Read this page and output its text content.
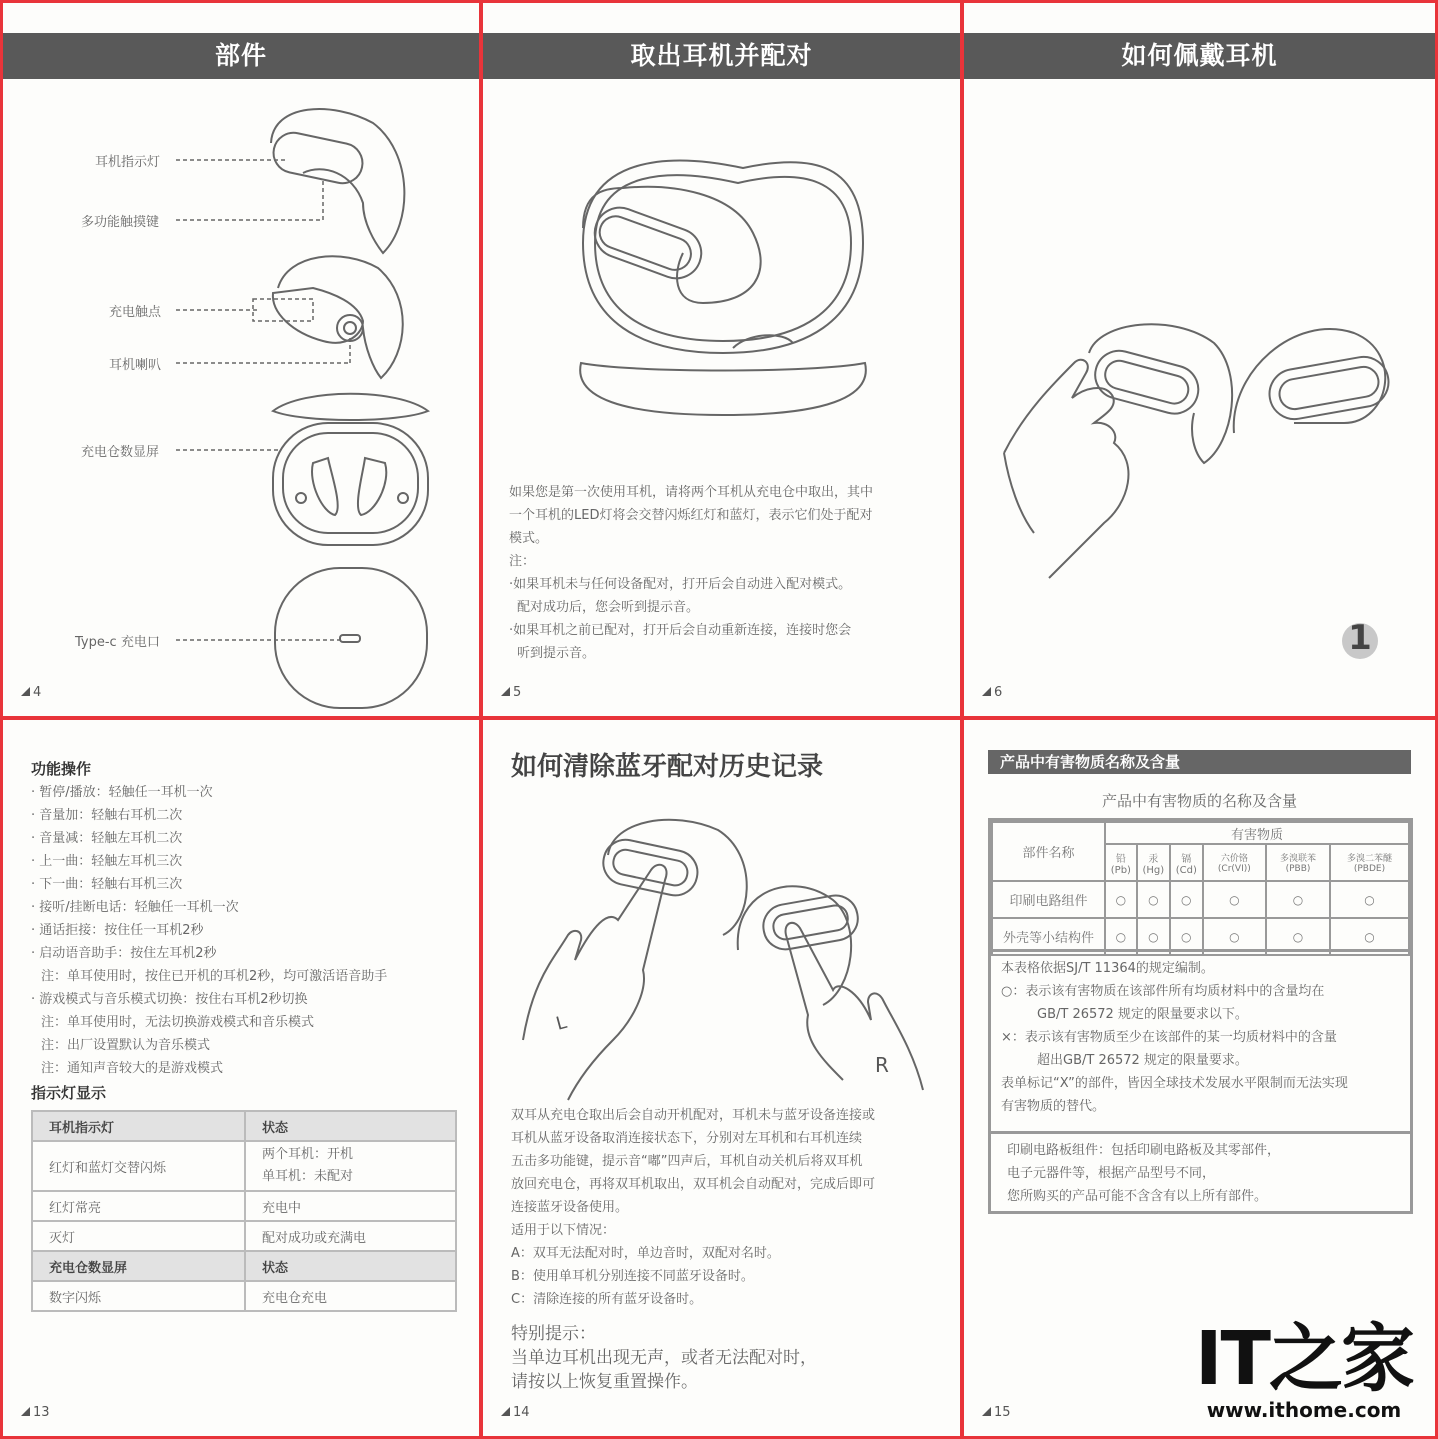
部件
耳机指示灯
多功能触摸键
充电触点
耳机喇叭
充电仓数显屏
Type-c 充电口
4
取出耳机并配对

如果您是第一次使用耳机，请将两个耳机从充电仓中取出，其中

一个耳机的LED灯将会交替闪烁红灯和蓝灯，表示它们处于配对

模式。

注：

·如果耳机未与任何设备配对，打开后会自动进入配对模式。

配对成功后，您会听到提示音。

·如果耳机之前已配对，打开后会自动重新连接，连接时您会

听到提示音。

5
如何佩戴耳机
1
6

功能操作

· 暂停/播放：轻触任一耳机一次

· 音量加：轻触右耳机二次

· 音量减：轻触左耳机二次

· 上一曲：轻触左耳机三次

· 下一曲：轻触右耳机三次

· 接听/挂断电话：轻触任一耳机一次

· 通话拒接：按住任一耳机2秒

· 启动语音助手：按住左耳机2秒

注：单耳使用时，按住已开机的耳机2秒，均可激活语音助手

· 游戏模式与音乐模式切换：按住右耳机2秒切换

注：单耳使用时，无法切换游戏模式和音乐模式

注：出厂设置默认为音乐模式

注：通知声音较大的是游戏模式

指示灯显示

耳机指示灯	状态
红灯和蓝灯交替闪烁	两个耳机：开机
单耳机：未配对

红灯常亮	充电中
灭灯	配对成功或充满电
充电仓数显屏	状态
数字闪烁	充电仓充电
13
如何清除蓝牙配对历史记录
L
R

双耳从充电仓取出后会自动开机配对，耳机未与蓝牙设备连接或

耳机从蓝牙设备取消连接状态下，分别对左耳机和右耳机连续

五击多功能键，提示音“嘟”四声后，耳机自动关机后将双耳机

放回充电仓，再将双耳机取出，双耳机会自动配对，完成后即可

连接蓝牙设备使用。

适用于以下情况：

A：双耳无法配对时，单边音时，双配对名时。

B：使用单耳机分别连接不同蓝牙设备时。

C：清除连接的所有蓝牙设备时。

特别提示：

当单边耳机出现无声，或者无法配对时，

请按以上恢复重置操作。

14
产品中有害物质名称及含量
产品中有害物质的名称及含量
部件名称	有害物质					
	铅(Pb)	汞(Hg)	镉(Cd)	六价铬 (Cr(VI))	多溴联苯 (PBB)	多溴二苯醚 (PBDE)
印刷电路组件	○	○	○	○	○	○
外壳等小结构件	○	○	○	○	○	○

本表格依据SJ/T 11364的规定编制。

○：表示该有害物质在该部件所有均质材料中的含量均在

GB/T 26572 规定的限量要求以下。

×：表示该有害物质至少在该部件的某一均质材料中的含量

超出GB/T 26572 规定的限量要求。

表单标记“X”的部件，皆因全球技术发展水平限制而无法实现

有害物质的替代。

印刷电路板组件：包括印刷电路板及其零部件，

电子元器件等，根据产品型号不同，

您所购买的产品可能不含含有以上所有部件。

15
IT之家
www.ithome.com
